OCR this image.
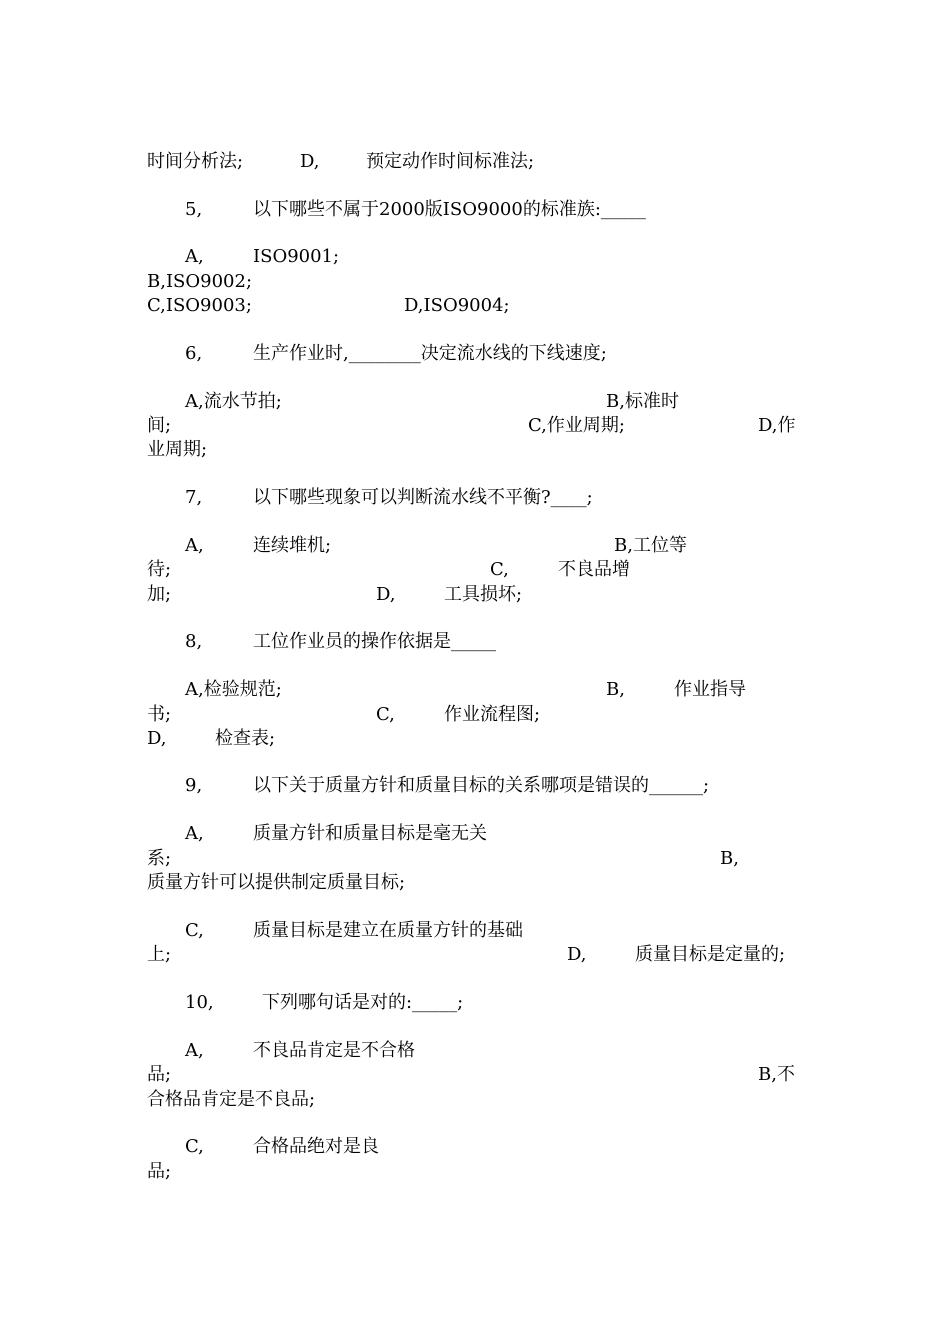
时间分析法;	D,	预定动作时间标准法;
5,	以下哪些不属于2000版ISO9000的标准族:_____
A,	ISO9001;
B,ISO9002;
C,ISO9003;	D,ISO9004;
6,	生产作业时,________决定流水线的下线速度;
A,流水节拍;	B,标准时
间;	C,作业周期;	D,作
业周期;
7,	以下哪些现象可以判断流水线不平衡?____;
A,	连续堆机;	B,工位等
待;	C,	不良品增
加;	D,	工具损坏;
8,	工位作业员的操作依据是_____
A,检验规范;	B,	作业指导
书;	C,	作业流程图;
D,	检查表;
9,	以下关于质量方针和质量目标的关系哪项是错误的______;
A,	质量方针和质量目标是毫无关
系;	B,
质量方针可以提供制定质量目标;
C,	质量目标是建立在质量方针的基础
上;	D,	质量目标是定量的;
10,	下列哪句话是对的:_____;
A,	不良品肯定是不合格
品;	B,不
合格品肯定是不良品;
C,	合格品绝对是良
品;
